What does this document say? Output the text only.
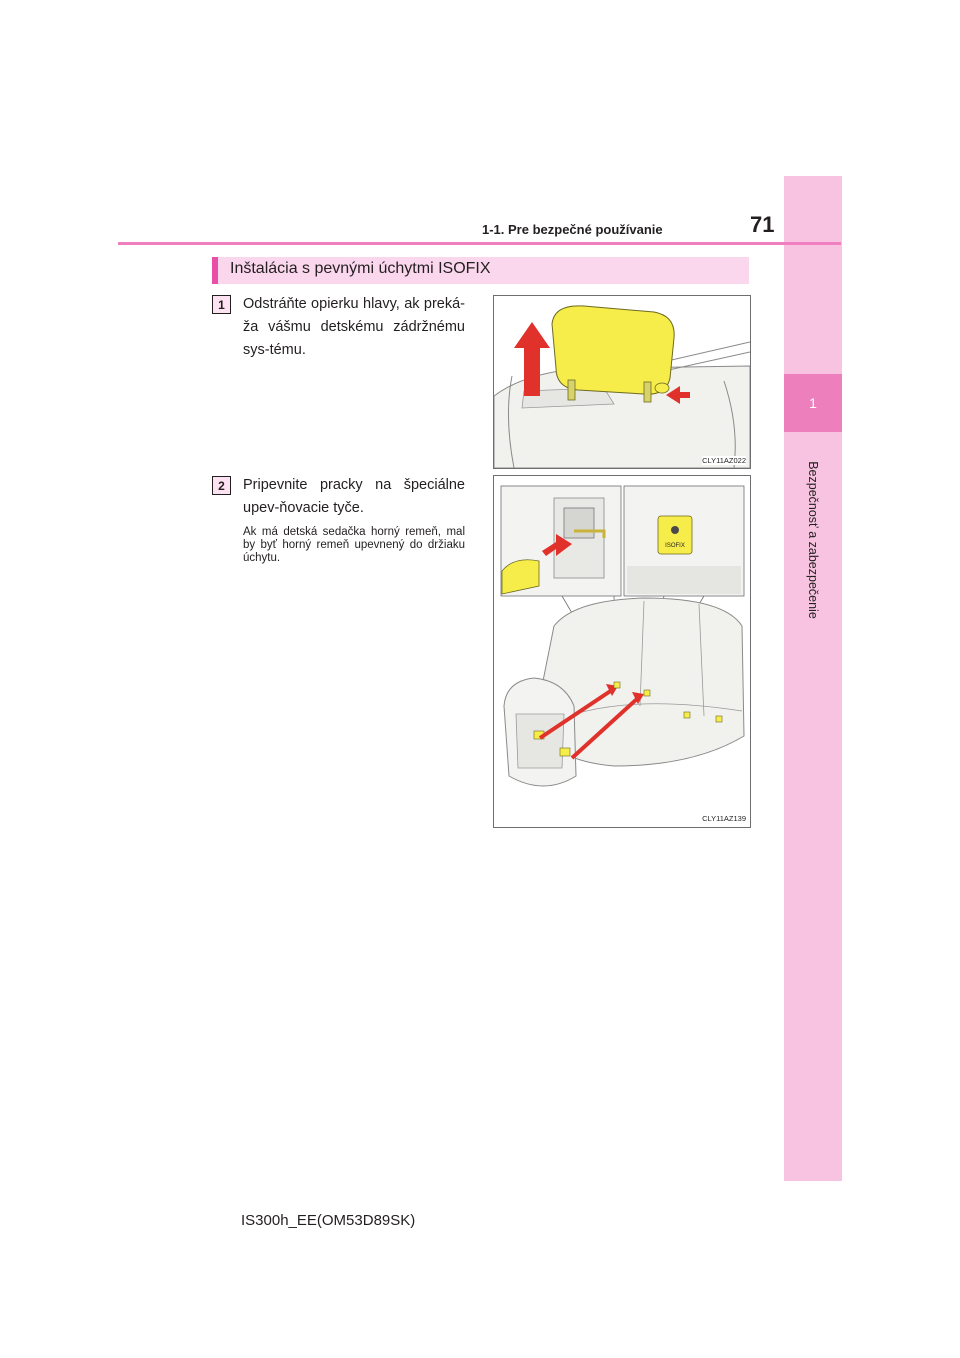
1
Bezpečnosť a zabezpečenie
1-1. Pre bezpečné používanie	71
Inštalácia s pevnými úchytmi ISOFIX
1 Odstráňte opierku hlavy, ak preká-ža vášmu detskému zádržnému sys-tému.
CLY11AZ022
2 Pripevnite pracky na špeciálne upev-ňovacie tyče.
Ak má detská sedačka horný remeň, mal by byť horný remeň upevnený do držiaku úchytu.
ISOFIX
CLY11AZ139
IS300h_EE(OM53D89SK)
